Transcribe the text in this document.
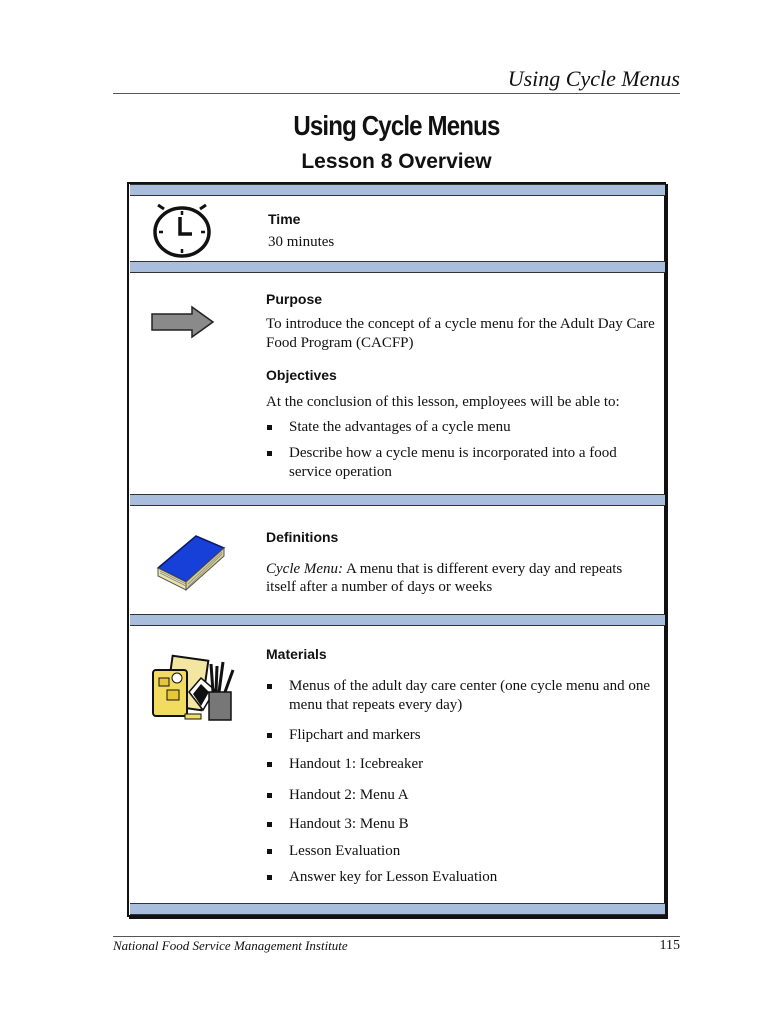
Using Cycle Menus
Using Cycle Menus
Lesson 8 Overview
Time
30 minutes
Purpose
To introduce the concept of a cycle menu for the Adult Day Care
Food Program (CACFP)
Objectives
At the conclusion of this lesson, employees will be able to:
State the advantages of a cycle menu
Describe how a cycle menu is incorporated into a food service operation
Definitions
Cycle Menu: A menu that is different every day and repeats
itself after a number of days or weeks
Materials
Menus of the adult day care center (one cycle menu and one menu that repeats every day)
Flipchart and markers
Handout 1: Icebreaker
Handout 2: Menu A
Handout 3: Menu B
Lesson Evaluation
Answer key for Lesson Evaluation
National Food Service Management Institute	115
